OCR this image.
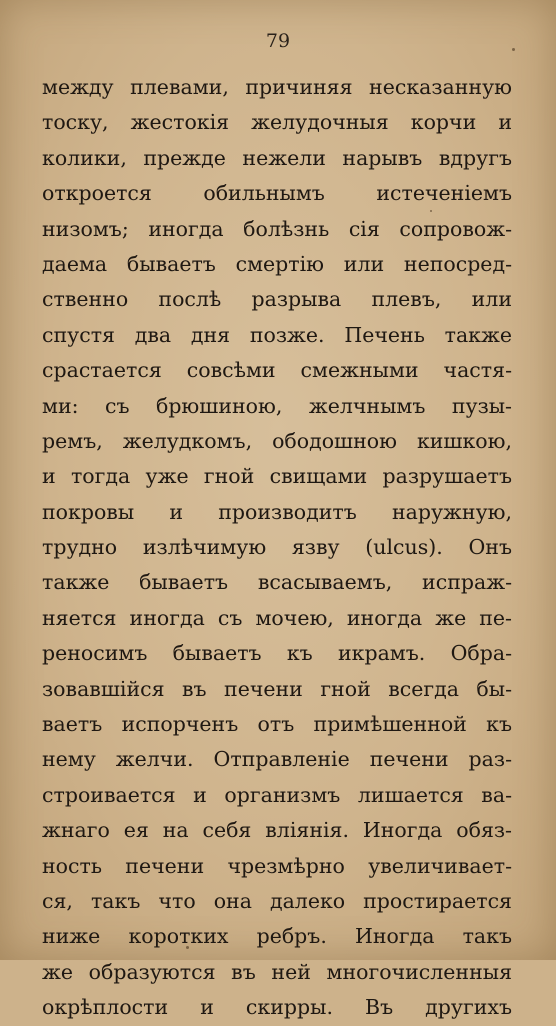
79
между плевами, причиняя несказанную
тоску, жестокія желудочныя корчи и
колики, прежде нежели нарывъ вдругъ
откроется обильнымъ истеченіемъ
низомъ; иногда болѣзнь сія сопровож-
даема бываетъ смертію или непосред-
ственно послѣ разрыва плевъ, или
спустя два дня позже. Печень также
срастается совсѣми смежными частя-
ми: съ брюшиною, желчнымъ пузы-
ремъ, желудкомъ, ободошною кишкою,
и тогда уже гной свищами разрушаетъ
покровы и производитъ наружную,
трудно излѣчимую язву (ulcus). Онъ
также бываетъ всасываемъ, испраж-
няется иногда съ мочею, иногда же пе-
реносимъ бываетъ къ икрамъ. Обра-
зовавшійся въ печени гной всегда бы-
ваетъ испорченъ отъ примѣшенной къ
нему желчи. Отправленіе печени раз-
строивается и организмъ лишается ва-
жнаго ея на себя вліянія. Иногда обяз-
ность печени чрезмѣрно увеличивает-
ся, такъ что она далеко простирается
ниже коротких ребръ. Иногда такъ
же образуются въ ней многочисленныя
окрѣплости и скирры. Въ другихъ
